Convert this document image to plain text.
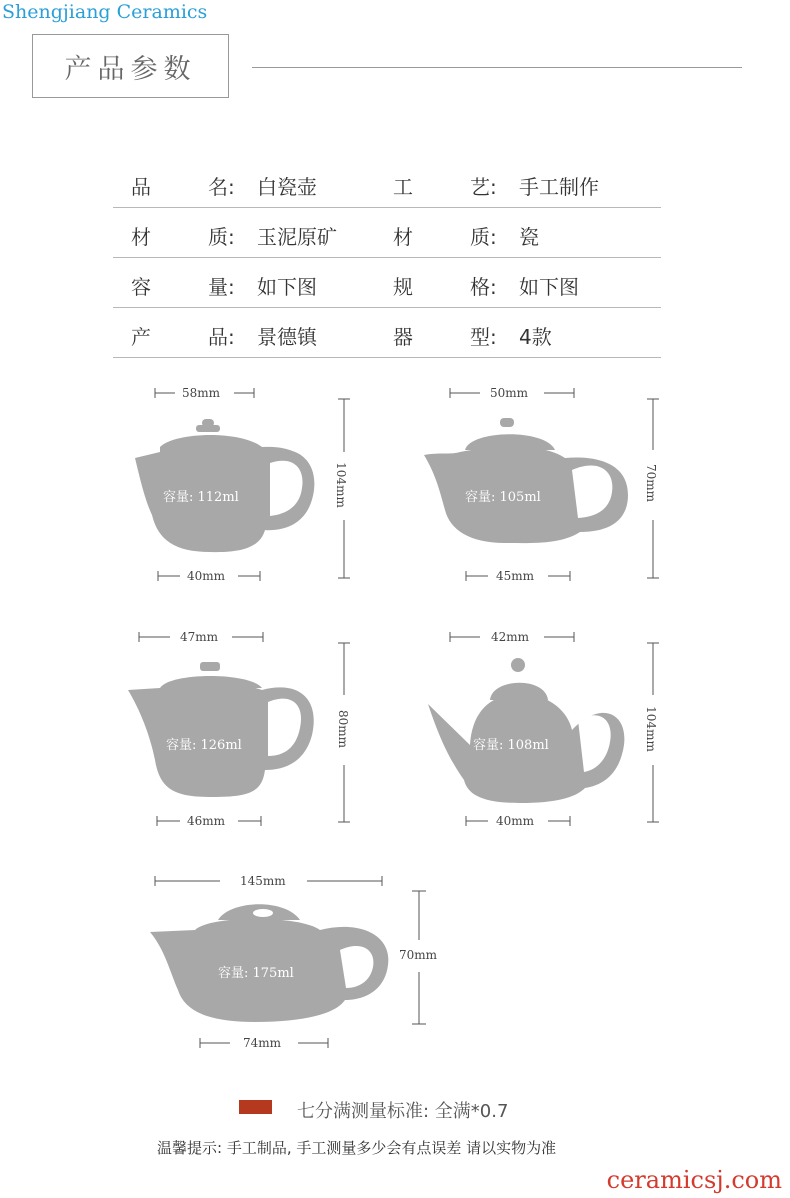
Shengjiang Ceramics
产品参数
品	名: 白瓷壶	工	艺: 手工制作
材	质: 玉泥原矿	材	质: 瓷
容	量: 如下图	规	格: 如下图
产	品: 景德镇	器	型: 4款
容量: 112ml	容量: 105ml
容量: 126ml	容量: 108ml
容量: 175ml
58mm	50mm
47mm	42mm
145mm
40mm	45mm
46mm	40mm
74mm
104mm	70mm
80mm	104mm
70mm
七分满测量标准: 全满*0.7
温馨提示: 手工制品, 手工测量多少会有点误差 请以实物为准
ceramicsj.com
